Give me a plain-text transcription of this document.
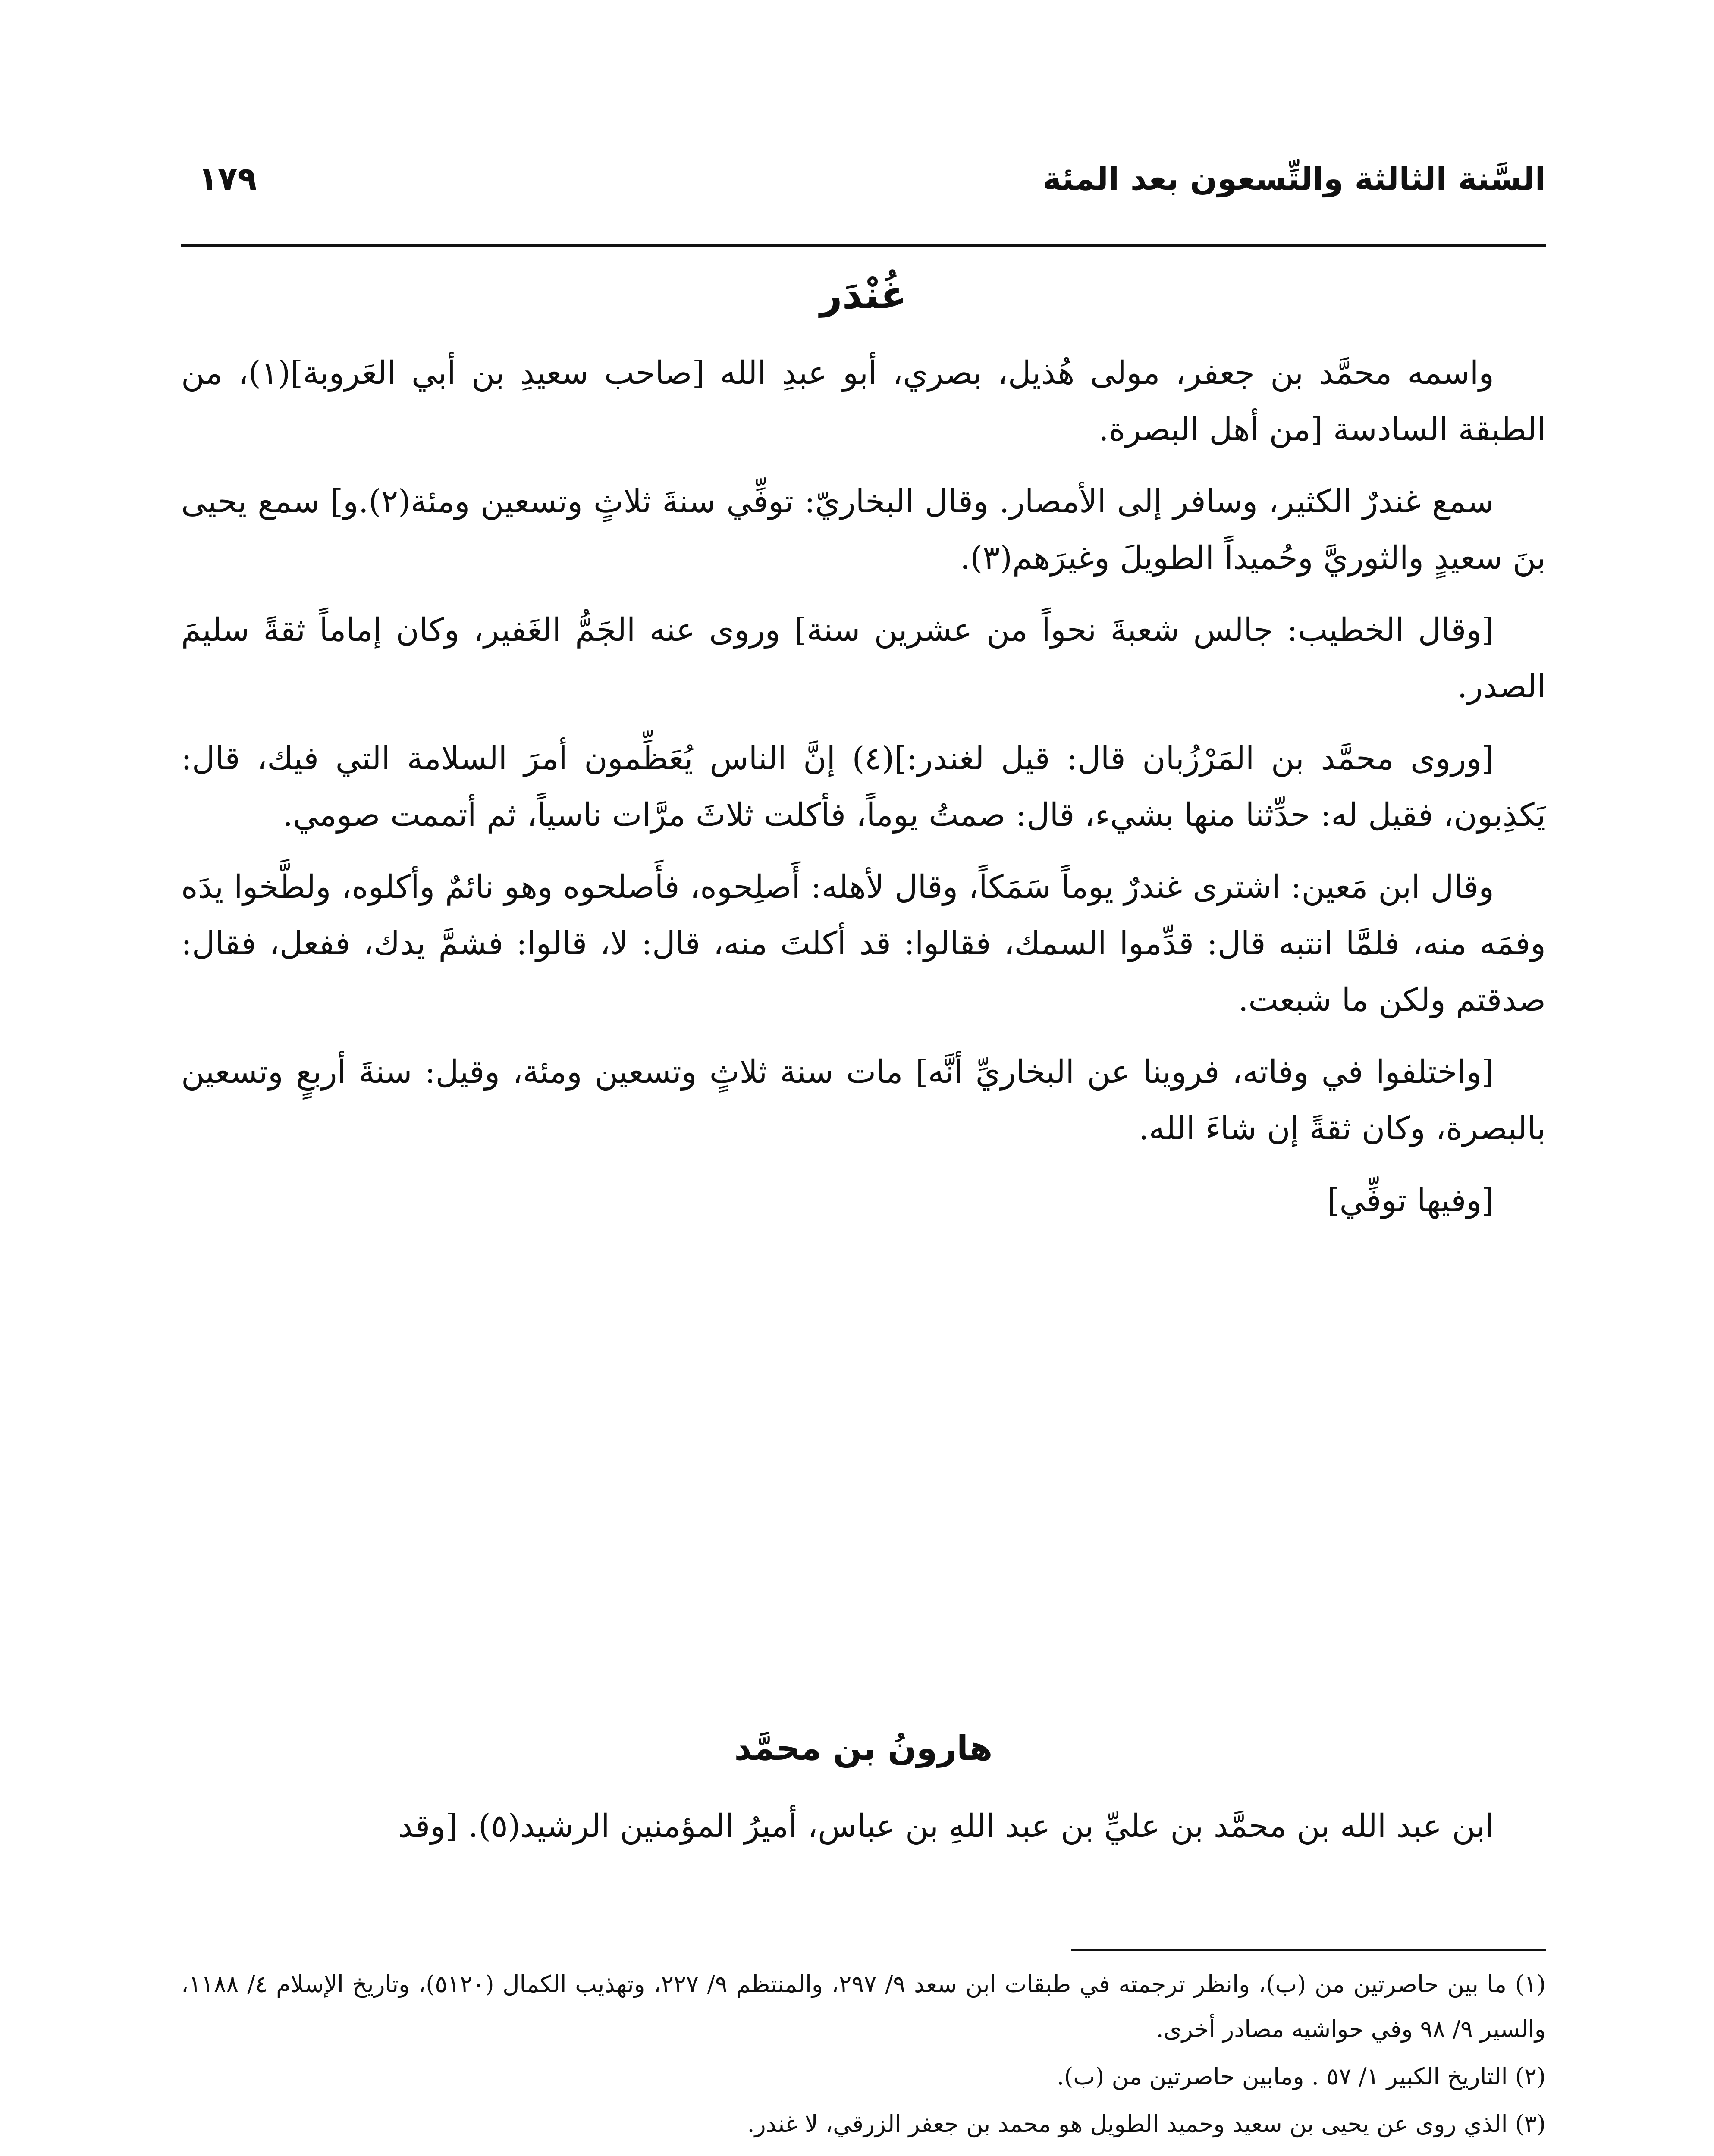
السَّنة الثالثة والتِّسعون بعد المئة
١٧٩
غُنْدَر

واسمه محمَّد بن جعفر، مولى هُذيل، بصري، أبو عبدِ الله [صاحب سعيدِ بن أبي العَروبة](١)، من الطبقة السادسة [من أهل البصرة.

سمع غندرٌ الكثير، وسافر إلى الأمصار. وقال البخاريّ: توفِّي سنةَ ثلاثٍ وتسعين ومئة(٢).و] سمع يحيى بنَ سعيدٍ والثوريَّ وحُميداً الطويلَ وغيرَهم(٣).

[وقال الخطيب: جالس شعبةَ نحواً من عشرين سنة] وروى عنه الجَمُّ الغَفير، وكان إماماً ثقةً سليمَ الصدر.

[وروى محمَّد بن المَرْزُبان قال: قيل لغندر:](٤) إنَّ الناس يُعَظِّمون أمرَ السلامة التي فيك، قال: يَكذِبون، فقيل له: حدِّثنا منها بشيء، قال: صمتُ يوماً، فأكلت ثلاثَ مرَّات ناسياً، ثم أتممت صومي.

وقال ابن مَعين: اشترى غندرٌ يوماً سَمَكاً، وقال لأهله: أَصلِحوه، فأَصلحوه وهو نائمٌ وأكلوه، ولطَّخوا يدَه وفمَه منه، فلمَّا انتبه قال: قدِّموا السمك، فقالوا: قد أكلتَ منه، قال: لا، قالوا: فشمَّ يدك، ففعل، فقال: صدقتم ولكن ما شبعت.

[واختلفوا في وفاته، فروينا عن البخاريِّ أنَّه] مات سنة ثلاثٍ وتسعين ومئة، وقيل: سنةَ أربعٍ وتسعين بالبصرة، وكان ثقةً إن شاءَ الله.

[وفيها توفِّي]

هارونُ بن محمَّد

ابن عبد الله بن محمَّد بن عليِّ بن عبد اللهِ بن عباس، أميرُ المؤمنين الرشيد(٥). [وقد

(١) ما بين حاصرتين من (ب)، وانظر ترجمته في طبقات ابن سعد ٩/ ٢٩٧، والمنتظم ٩/ ٢٢٧، وتهذيب الكمال (٥١٢٠)، وتاريخ الإسلام ٤/ ١١٨٨، والسير ٩/ ٩٨ وفي حواشيه مصادر أخرى.

(٢) التاريخ الكبير ١/ ٥٧ . ومابين حاصرتين من (ب).

(٣) الذي روى عن يحيى بن سعيد وحميد الطويل هو محمد بن جعفر الزرقي، لا غندر.
